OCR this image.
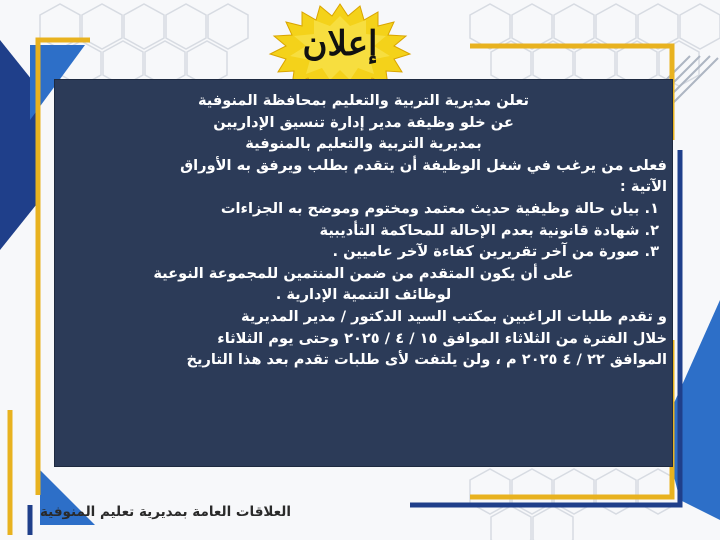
إعلان
تعلن مديرية التربية والتعليم بمحافظة المنوفية
عن خلو وظيفة مدير إدارة تنسيق الإداريين
بمديرية التربية والتعليم بالمنوفية
فعلى من يرغب في شغل الوظيفة أن يتقدم بطلب ويرفق به الأوراق
الآتية :
١. بيان حالة وظيفية حديث معتمد ومختوم وموضح به الجزاءات
٢. شهادة قانونية بعدم الإحالة للمحاكمة التأديبية
٣. صورة من آخر تقريرين كفاءة لآخر عاميين .
على أن يكون المتقدم من ضمن المنتمين للمجموعة النوعية
لوظائف التنمية الإدارية .
و تقدم طلبات الراغبين بمكتب السيد الدكتور / مدير المديرية
خلال الفترة من الثلاثاء الموافق ١٥ / ٤ / ٢٠٢٥ وحتى يوم الثلاثاء
الموافق ٢٢ / ٤ ٢٠٢٥ م ، ولن يلتفت لأى طلبات تقدم بعد هذا التاريخ
العلاقات العامة بمديرية تعليم المنوفية
